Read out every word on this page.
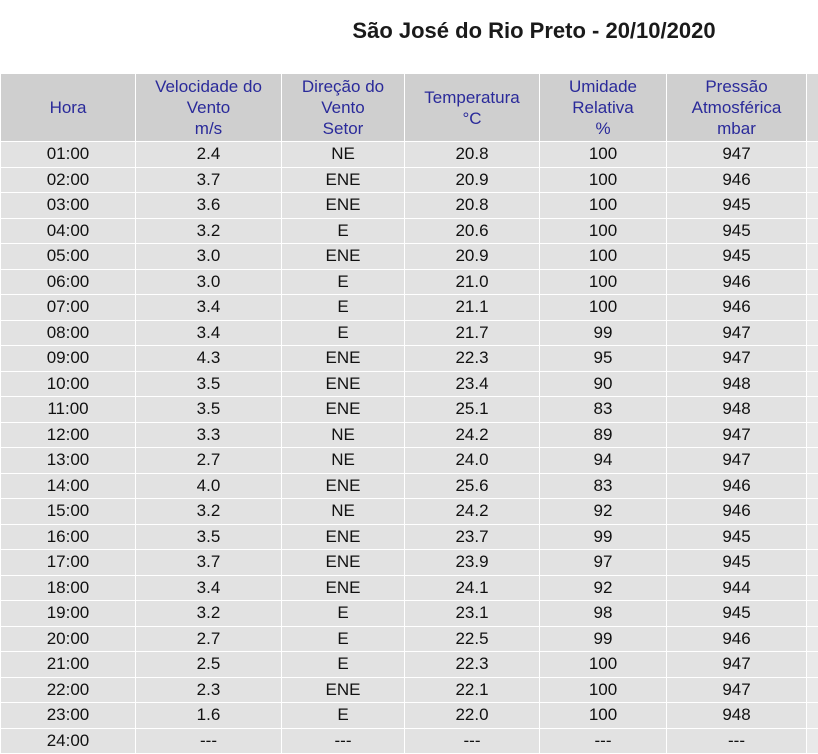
São José do Rio Preto - 20/10/2020
Hora	Velocidade do
Vento
m/s	Direção do
Vento
Setor	Temperatura
°C	Umidade
Relativa
%	Pressão
Atmosférica
mbar	

01:00	2.4	NE	20.8	100	947	
02:00	3.7	ENE	20.9	100	946	
03:00	3.6	ENE	20.8	100	945	
04:00	3.2	E	20.6	100	945	
05:00	3.0	ENE	20.9	100	945	
06:00	3.0	E	21.0	100	946	
07:00	3.4	E	21.1	100	946	
08:00	3.4	E	21.7	99	947	
09:00	4.3	ENE	22.3	95	947	
10:00	3.5	ENE	23.4	90	948	
11:00	3.5	ENE	25.1	83	948	
12:00	3.3	NE	24.2	89	947	
13:00	2.7	NE	24.0	94	947	
14:00	4.0	ENE	25.6	83	946	
15:00	3.2	NE	24.2	92	946	
16:00	3.5	ENE	23.7	99	945	
17:00	3.7	ENE	23.9	97	945	
18:00	3.4	ENE	24.1	92	944	
19:00	3.2	E	23.1	98	945	
20:00	2.7	E	22.5	99	946	
21:00	2.5	E	22.3	100	947	
22:00	2.3	ENE	22.1	100	947	
23:00	1.6	E	22.0	100	948	
24:00	---	---	---	---	---	
